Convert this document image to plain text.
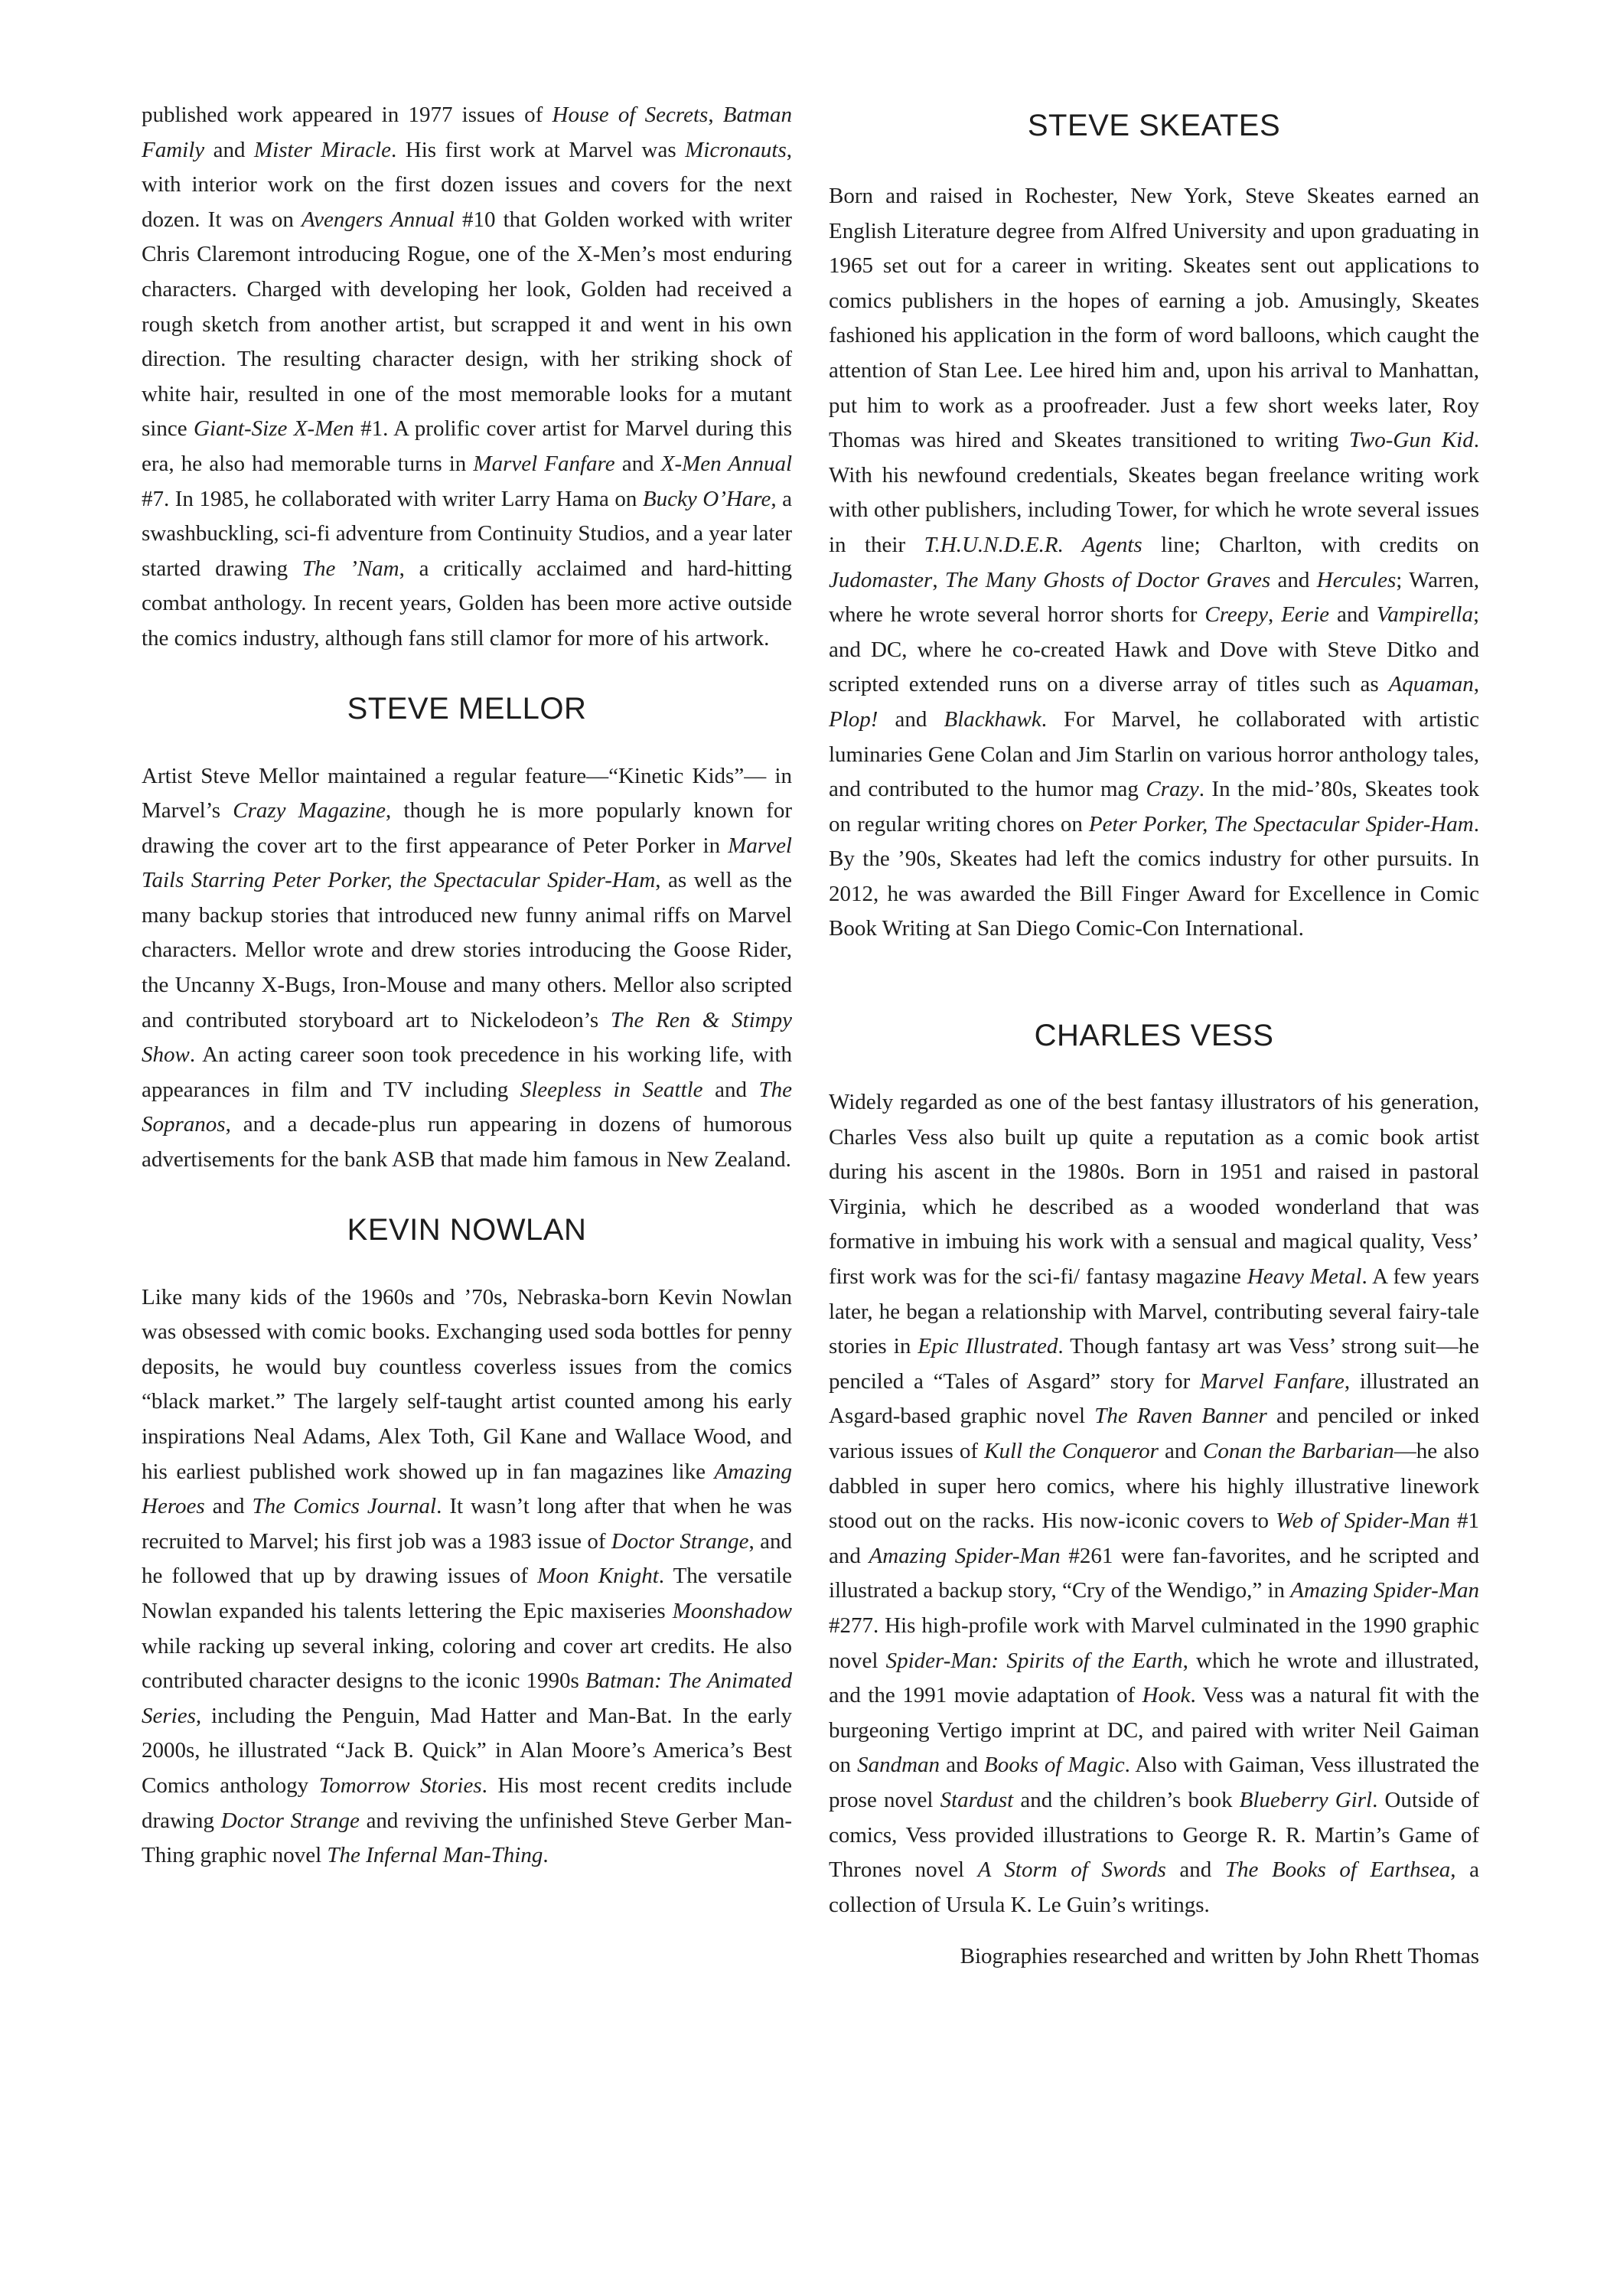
published work appeared in 1977 issues of House of Secrets, Batman Family and Mister Miracle. His first work at Marvel was Micronauts, with interior work on the first dozen issues and covers for the next dozen. It was on Avengers Annual #10 that Golden worked with writer Chris Claremont introducing Rogue, one of the X-Men’s most enduring characters. Charged with developing her look, Golden had received a rough sketch from another artist, but scrapped it and went in his own direction. The resulting character design, with her striking shock of white hair, resulted in one of the most memorable looks for a mutant since Giant-Size X-Men #1. A prolific cover artist for Marvel during this era, he also had memorable turns in Marvel Fanfare and X-Men Annual #7. In 1985, he collaborated with writer Larry Hama on Bucky O’Hare, a swashbuckling, sci-fi adventure from Continuity Studios, and a year later started drawing The ’Nam, a critically acclaimed and hard-hitting combat anthology. In recent years, Golden has been more active outside the comics industry, although fans still clamor for more of his artwork.

STEVE MELLOR

Artist Steve Mellor maintained a regular feature—“Kinetic Kids”— in Marvel’s Crazy Magazine, though he is more popularly known for drawing the cover art to the first appearance of Peter Porker in Marvel Tails Starring Peter Porker, the Spectacular Spider-Ham, as well as the many backup stories that introduced new funny animal riffs on Marvel characters. Mellor wrote and drew stories introducing the Goose Rider, the Uncanny X-Bugs, Iron-Mouse and many others. Mellor also scripted and contributed storyboard art to Nickelodeon’s The Ren & Stimpy Show. An acting career soon took precedence in his working life, with appearances in film and TV including Sleepless in Seattle and The Sopranos, and a decade-plus run appearing in dozens of humorous advertisements for the bank ASB that made him famous in New Zealand.

KEVIN NOWLAN

Like many kids of the 1960s and ’70s, Nebraska-born Kevin Nowlan was obsessed with comic books. Exchanging used soda bottles for penny deposits, he would buy countless coverless issues from the comics “black market.” The largely self-taught artist counted among his early inspirations Neal Adams, Alex Toth, Gil Kane and Wallace Wood, and his earliest published work showed up in fan magazines like Amazing Heroes and The Comics Journal. It wasn’t long after that when he was recruited to Marvel; his first job was a 1983 issue of Doctor Strange, and he followed that up by drawing issues of Moon Knight. The versatile Nowlan expanded his talents lettering the Epic maxiseries Moonshadow while racking up several inking, coloring and cover art credits. He also contributed character designs to the iconic 1990s Batman: The Animated Series, including the Penguin, Mad Hatter and Man-Bat. In the early 2000s, he illustrated “Jack B. Quick” in Alan Moore’s America’s Best Comics anthology Tomorrow Stories. His most recent credits include drawing Doctor Strange and reviving the unfinished Steve Gerber Man-Thing graphic novel The Infernal Man-Thing.

STEVE SKEATES

Born and raised in Rochester, New York, Steve Skeates earned an English Literature degree from Alfred University and upon graduating in 1965 set out for a career in writing. Skeates sent out applications to comics publishers in the hopes of earning a job. Amusingly, Skeates fashioned his application in the form of word balloons, which caught the attention of Stan Lee. Lee hired him and, upon his arrival to Manhattan, put him to work as a proofreader. Just a few short weeks later, Roy Thomas was hired and Skeates transitioned to writing Two-Gun Kid. With his newfound credentials, Skeates began freelance writing work with other publishers, including Tower, for which he wrote several issues in their T.H.U.N.D.E.R. Agents line; Charlton, with credits on Judomaster, The Many Ghosts of Doctor Graves and Hercules; Warren, where he wrote several horror shorts for Creepy, Eerie and Vampirella; and DC, where he co-created Hawk and Dove with Steve Ditko and scripted extended runs on a diverse array of titles such as Aquaman, Plop! and Blackhawk. For Marvel, he collaborated with artistic luminaries Gene Colan and Jim Starlin on various horror anthology tales, and contributed to the humor mag Crazy. In the mid-’80s, Skeates took on regular writing chores on Peter Porker, The Spectacular Spider-Ham. By the ’90s, Skeates had left the comics industry for other pursuits. In 2012, he was awarded the Bill Finger Award for Excellence in Comic Book Writing at San Diego Comic-Con International.

CHARLES VESS

Widely regarded as one of the best fantasy illustrators of his generation, Charles Vess also built up quite a reputation as a comic book artist during his ascent in the 1980s. Born in 1951 and raised in pastoral Virginia, which he described as a wooded wonderland that was formative in imbuing his work with a sensual and magical quality, Vess’ first work was for the sci-fi/ fantasy magazine Heavy Metal. A few years later, he began a relationship with Marvel, contributing several fairy-tale stories in Epic Illustrated. Though fantasy art was Vess’ strong suit—he penciled a “Tales of Asgard” story for Marvel Fanfare, illustrated an Asgard-based graphic novel The Raven Banner and penciled or inked various issues of Kull the Conqueror and Conan the Barbarian—he also dabbled in super hero comics, where his highly illustrative linework stood out on the racks. His now-iconic covers to Web of Spider-Man #1 and Amazing Spider-Man #261 were fan-favorites, and he scripted and illustrated a backup story, “Cry of the Wendigo,” in Amazing Spider-Man #277. His high-profile work with Marvel culminated in the 1990 graphic novel Spider-Man: Spirits of the Earth, which he wrote and illustrated, and the 1991 movie adaptation of Hook. Vess was a natural fit with the burgeoning Vertigo imprint at DC, and paired with writer Neil Gaiman on Sandman and Books of Magic. Also with Gaiman, Vess illustrated the prose novel Stardust and the children’s book Blueberry Girl. Outside of comics, Vess provided illustrations to George R. R. Martin’s Game of Thrones novel A Storm of Swords and The Books of Earthsea, a collection of Ursula K. Le Guin’s writings.

Biographies researched and written by John Rhett Thomas
